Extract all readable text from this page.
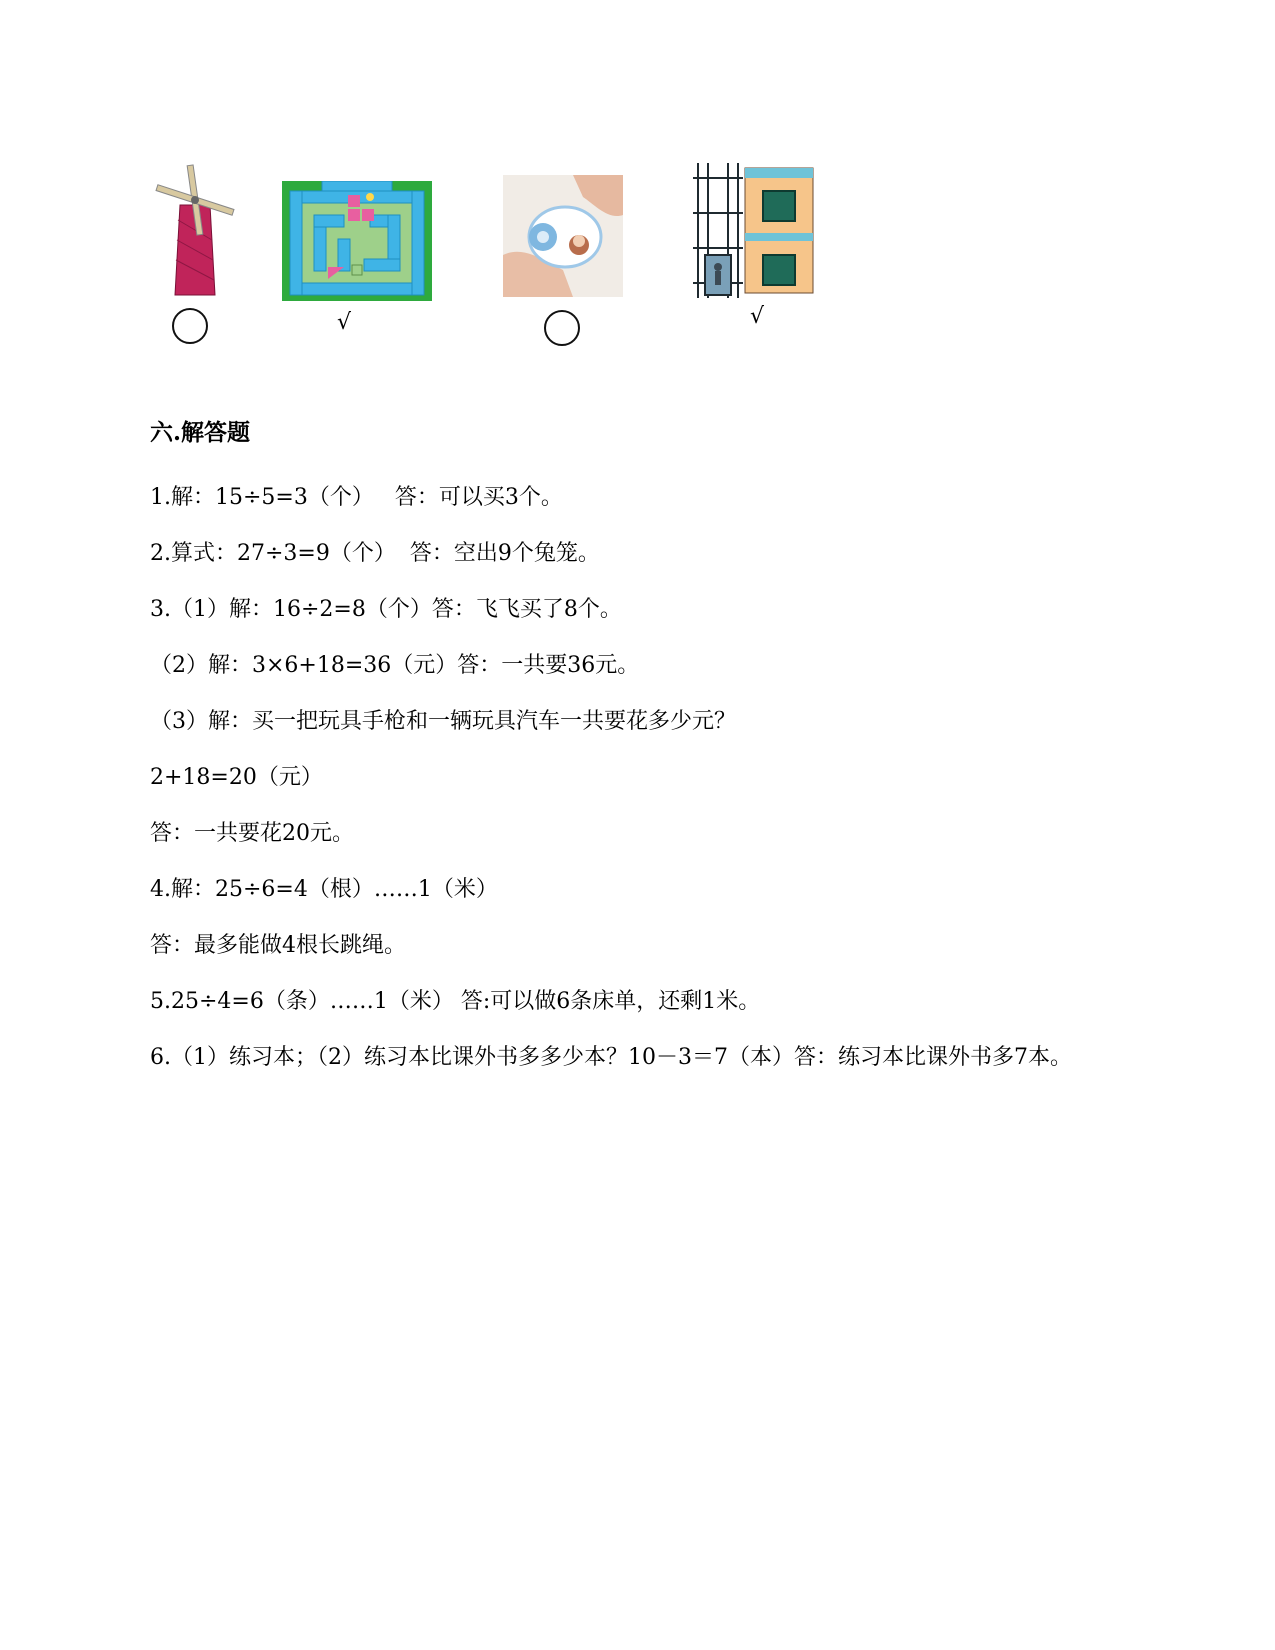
√	√
六.解答题

1.解：15÷5=3（个）   答：可以买3个。

2.算式：27÷3=9（个）  答：空出9个兔笼。

3.（1）解：16÷2=8（个）答：飞飞买了8个。

（2）解：3×6+18=36（元）答：一共要36元。

（3）解：买一把玩具手枪和一辆玩具汽车一共要花多少元？

2+18=20（元）

答：一共要花20元。

4.解：25÷6=4（根）……1（米）

答：最多能做4根长跳绳。

5.25÷4=6（条）……1（米） 答:可以做6条床单，还剩1米。

6.（1）练习本；（2）练习本比课外书多多少本？10－3＝7（本）答：练习本比课外书多7本。
